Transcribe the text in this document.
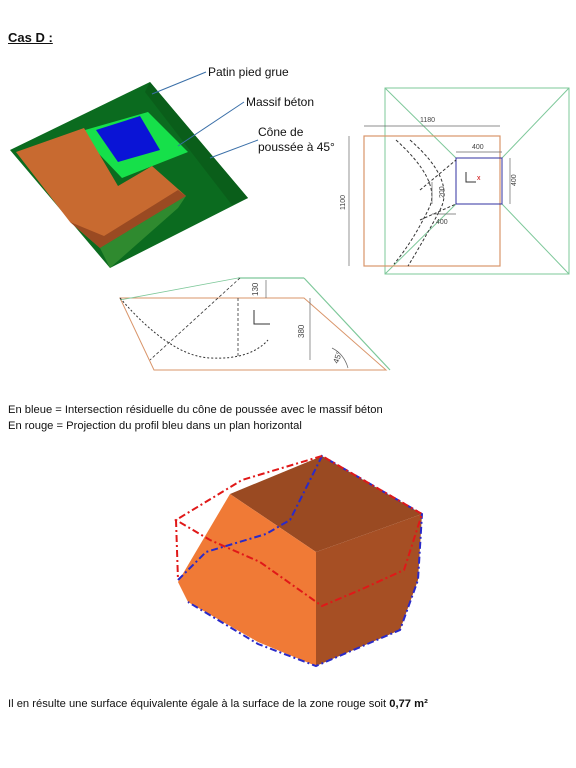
Cas D :
Patin pied grue
Massif béton
Cône de
poussée à 45°
x
1180
400
400
200
400
1100
130
380
45°
En bleue = Intersection résiduelle du cône de poussée avec le massif béton
En rouge = Projection du profil bleu dans un plan horizontal
Il en résulte une surface équivalente égale à la surface de la zone rouge soit 0,77 m²
